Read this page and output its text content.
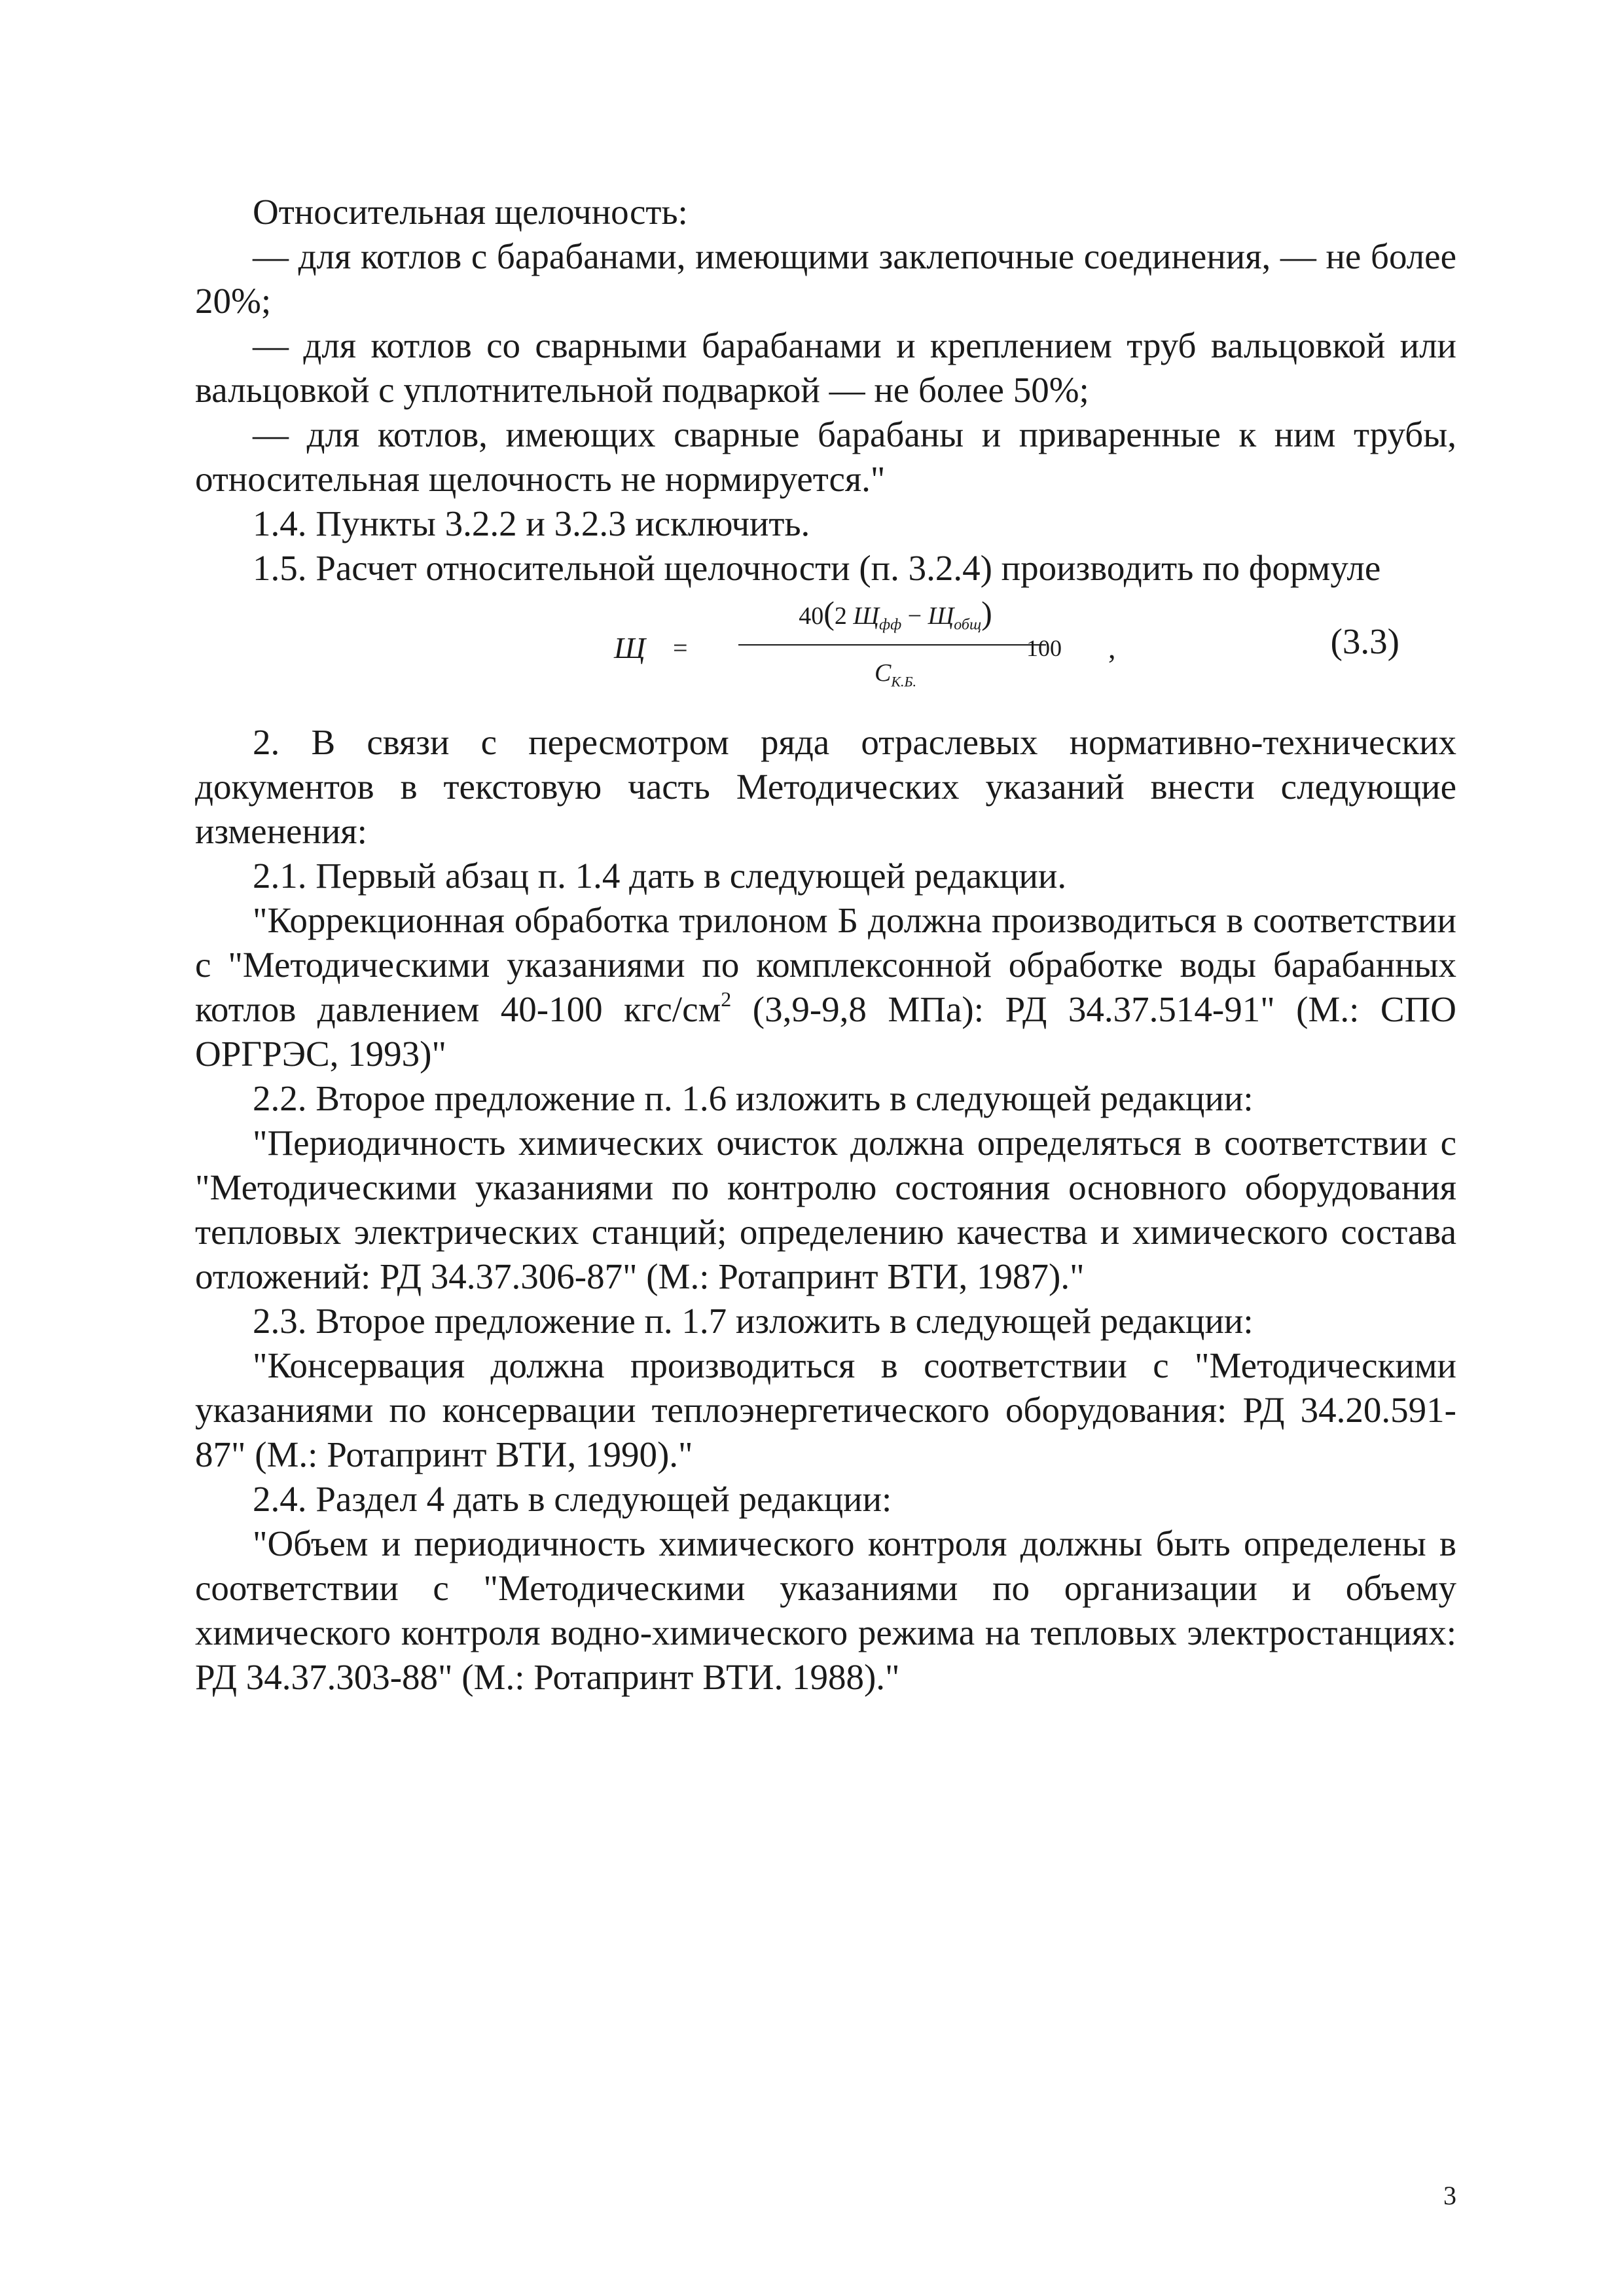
Относительная щелочность:

— для котлов с барабанами, имеющими заклепочные соединения, — не более 20%;

— для котлов со сварными барабанами и креплением труб вальцовкой или вальцовкой с уплотнительной подваркой — не более 50%;

— для котлов, имеющих сварные барабаны и приваренные к ним трубы, относительная щелочность не нормируется."

1.4. Пункты 3.2.2 и 3.2.3 исключить.

1.5. Расчет относительной щелочности (п. 3.2.4) производить по формуле

Щ =
40(2 $Щ_{фф} - Щ_{общ}$)
100
$С_{К.Б.}$
,	(3.3)

2. В связи с пересмотром ряда отраслевых нормативно-технических документов в текстовую часть Методических указаний внести следующие изменения:

2.1. Первый абзац п. 1.4 дать в следующей редакции.

"Коррекционная обработка трилоном Б должна производиться в соответствии с "Методическими указаниями по комплексонной обработке воды барабанных котлов давлением 40-100 кгс/$см^2$ (3,9-9,8 МПа): РД 34.37.514-91" (М.: СПО ОРГРЭС, 1993)"

2.2. Второе предложение п. 1.6 изложить в следующей редакции:

"Периодичность химических очисток должна определяться в соответствии с "Методическими указаниями по контролю состояния основного оборудования тепловых электрических станций; определению качества и химического состава отложений: РД 34.37.306-87" (М.: Ротапринт ВТИ, 1987)."

2.3. Второе предложение п. 1.7 изложить в следующей редакции:

"Консервация должна производиться в соответствии с "Методическими указаниями по консервации теплоэнергетического оборудования: РД 34.20.591-87" (М.: Ротапринт ВТИ, 1990)."

2.4. Раздел 4 дать в следующей редакции:

"Объем и периодичность химического контроля должны быть определены в соответствии с "Методическими указаниями по организации и объему химического контроля водно-химического режима на тепловых электростанциях: РД 34.37.303-88" (М.: Ротапринт ВТИ. 1988)."

3
